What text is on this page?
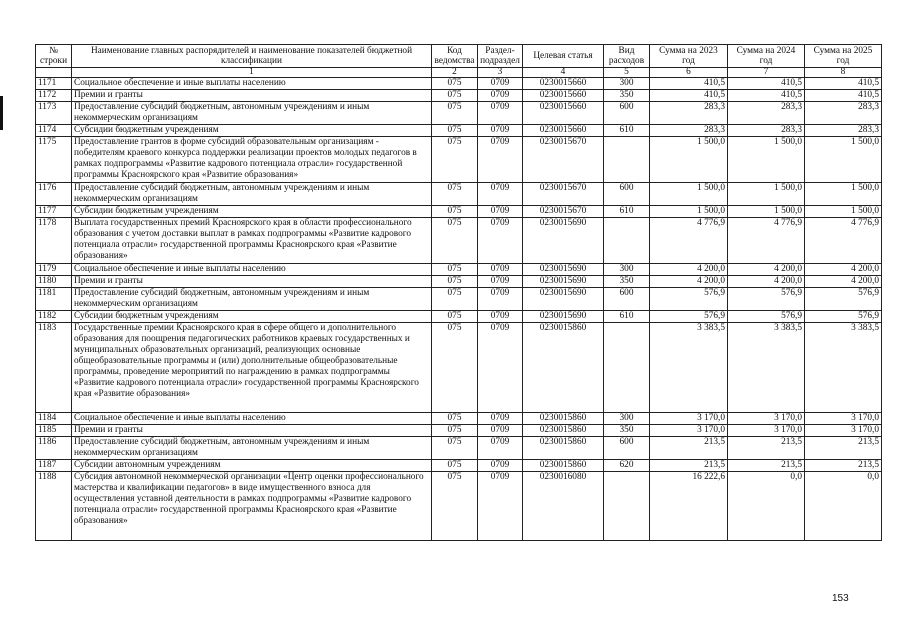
№ строки	Наименование главных распорядителей и наименование показателей бюджетной классификации	Код ведомства	Раздел-подраздел	Целевая статья	Вид расходов	Сумма на 2023 год	Сумма на 2024 год	Сумма на 2025 год
	1	2	3	4	5	6	7	8
1171	Социальное обеспечение и иные выплаты населению	075	0709	0230015660	300	410,5	410,5	410,5
1172	Премии и гранты	075	0709	0230015660	350	410,5	410,5	410,5
1173	Предоставление субсидий бюджетным, автономным учреждениям и иным некоммерческим организациям	075	0709	0230015660	600	283,3	283,3	283,3
1174	Субсидии бюджетным учреждениям	075	0709	0230015660	610	283,3	283,3	283,3
1175	Предоставление грантов в форме субсидий образовательным организациям - победителям краевого конкурса поддержки реализации проектов молодых педагогов в рамках подпрограммы «Развитие кадрового потенциала отрасли» государственной программы Красноярского края «Развитие образования»	075	0709	0230015670		1 500,0	1 500,0	1 500,0
1176	Предоставление субсидий бюджетным, автономным учреждениям и иным некоммерческим организациям	075	0709	0230015670	600	1 500,0	1 500,0	1 500,0
1177	Субсидии бюджетным учреждениям	075	0709	0230015670	610	1 500,0	1 500,0	1 500,0
1178	Выплата государственных премий Красноярского края в области профессионального образования с учетом доставки выплат в рамках подпрограммы «Развитие кадрового потенциала отрасли» государственной программы Красноярского края «Развитие образования»	075	0709	0230015690		4 776,9	4 776,9	4 776,9
1179	Социальное обеспечение и иные выплаты населению	075	0709	0230015690	300	4 200,0	4 200,0	4 200,0
1180	Премии и гранты	075	0709	0230015690	350	4 200,0	4 200,0	4 200,0
1181	Предоставление субсидий бюджетным, автономным учреждениям и иным некоммерческим организациям	075	0709	0230015690	600	576,9	576,9	576,9
1182	Субсидии бюджетным учреждениям	075	0709	0230015690	610	576,9	576,9	576,9
1183	Государственные премии Красноярского края в сфере общего и дополнительного образования для поощрения педагогических работников краевых государственных и муниципальных образовательных организаций, реализующих основные общеобразовательные программы и (или) дополнительные общеобразовательные программы, проведение мероприятий по награждению в рамках подпрограммы «Развитие кадрового потенциала отрасли» государственной программы Красноярского края «Развитие образования»	075	0709	0230015860		3 383,5	3 383,5	3 383,5
1184	Социальное обеспечение и иные выплаты населению	075	0709	0230015860	300	3 170,0	3 170,0	3 170,0
1185	Премии и гранты	075	0709	0230015860	350	3 170,0	3 170,0	3 170,0
1186	Предоставление субсидий бюджетным, автономным учреждениям и иным некоммерческим организациям	075	0709	0230015860	600	213,5	213,5	213,5
1187	Субсидии автономным учреждениям	075	0709	0230015860	620	213,5	213,5	213,5
1188	Субсидия автономной некоммерческой организации «Центр оценки профессионального мастерства и квалификации педагогов» в виде имущественного взноса для осуществления уставной деятельности в рамках подпрограммы «Развитие кадрового потенциала отрасли» государственной программы Красноярского края «Развитие образования»	075	0709	0230016080		16 222,6	0,0	0,0
153
